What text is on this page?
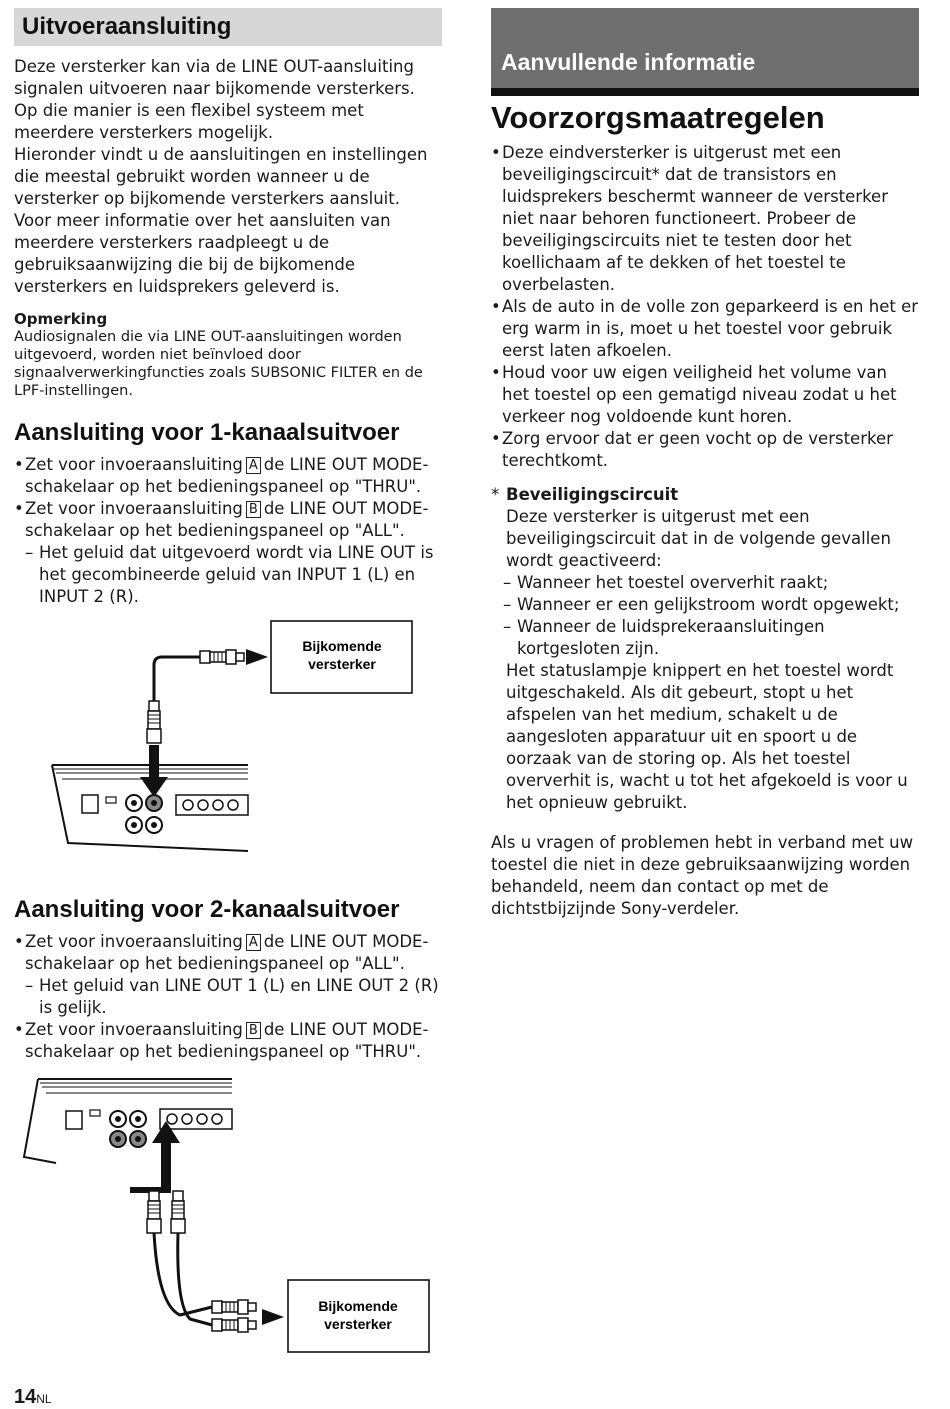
Uitvoeraansluiting

Deze versterker kan via de LINE OUT-aansluiting signalen uitvoeren naar bijkomende versterkers. Op die manier is een flexibel systeem met meerdere versterkers mogelijk.

Hieronder vindt u de aansluitingen en instellingen die meestal gebruikt worden wanneer u de versterker op bijkomende versterkers aansluit. Voor meer informatie over het aansluiten van meerdere versterkers raadpleegt u de gebruiksaanwijzing die bij de bijkomende versterkers en luidsprekers geleverd is.

Opmerking

Audiosignalen die via LINE OUT-aansluitingen worden uitgevoerd, worden niet beïnvloed door signaalverwerkingfuncties zoals SUBSONIC FILTER en de LPF-instellingen.

Aansluiting voor 1-kanaalsuitvoer
• Zet voor invoeraansluiting A de LINE OUT MODE-schakelaar op het bedieningspaneel op "THRU".
• Zet voor invoeraansluiting B de LINE OUT MODE-schakelaar op het bedieningspaneel op "ALL".
– Het geluid dat uitgevoerd wordt via LINE OUT is het gecombineerde geluid van INPUT 1 (L) en INPUT 2 (R).
Bijkomende
versterker
Aansluiting voor 2-kanaalsuitvoer
• Zet voor invoeraansluiting A de LINE OUT MODE-schakelaar op het bedieningspaneel op "ALL".
– Het geluid van LINE OUT 1 (L) en LINE OUT 2 (R) is gelijk.
• Zet voor invoeraansluiting B de LINE OUT MODE-schakelaar op het bedieningspaneel op "THRU".
Bijkomende
versterker
Aanvullende informatie
Voorzorgsmaatregelen
• Deze eindversterker is uitgerust met een beveiligingscircuit* dat de transistors en luidsprekers beschermt wanneer de versterker niet naar behoren functioneert. Probeer de beveiligingscircuits niet te testen door het koellichaam af te dekken of het toestel te overbelasten.
• Als de auto in de volle zon geparkeerd is en het er erg warm in is, moet u het toestel voor gebruik eerst laten afkoelen.
• Houd voor uw eigen veiligheid het volume van het toestel op een gematigd niveau zodat u het verkeer nog voldoende kunt horen.
• Zorg ervoor dat er geen vocht op de versterker terechtkomt.
* Beveiligingscircuit
Deze versterker is uitgerust met een beveiligingscircuit dat in de volgende gevallen wordt geactiveerd:
– Wanneer het toestel oververhit raakt;
– Wanneer er een gelijkstroom wordt opgewekt;
– Wanneer de luidsprekeraansluitingen kortgesloten zijn.
Het statuslampje knippert en het toestel wordt uitgeschakeld. Als dit gebeurt, stopt u het afspelen van het medium, schakelt u de aangesloten apparatuur uit en spoort u de oorzaak van de storing op. Als het toestel oververhit is, wacht u tot het afgekoeld is voor u het opnieuw gebruikt.

Als u vragen of problemen hebt in verband met uw toestel die niet in deze gebruiksaanwijzing worden behandeld, neem dan contact op met de dichtstbijzijnde Sony-verdeler.

14NL
